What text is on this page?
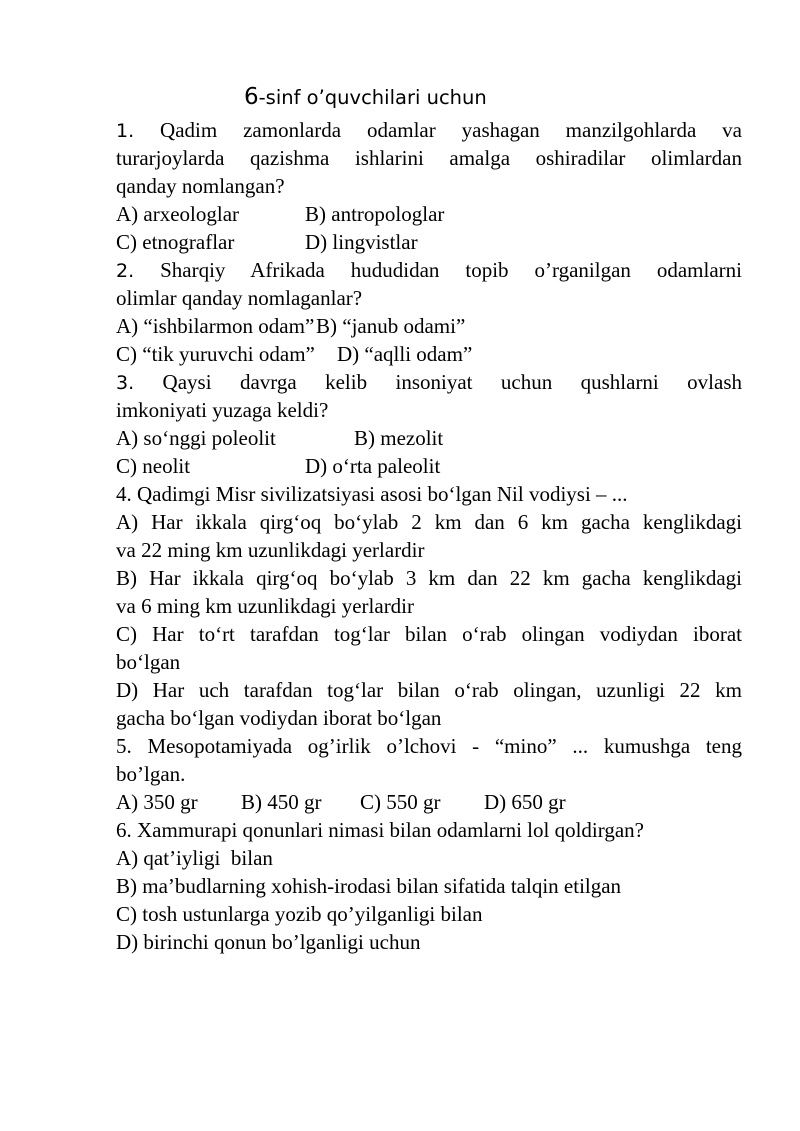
6-sinf o’quvchilari uchun
1. Qadim zamonlarda odamlar yashagan manzilgohlarda va
turarjoylarda qazishma ishlarini amalga oshiradilar olimlardan
qanday nomlangan?
A) arxeologlar	B) antropologlar
C) etnograflar	D) lingvistlar
2. Sharqiy Afrikada hududidan topib o’rganilgan odamlarni
olimlar qanday nomlaganlar?
A) “ishbilarmon odam”B) “janub odami”
C) “tik yuruvchi odam” D) “aqlli odam”
3. Qaysi davrga kelib insoniyat uchun qushlarni ovlash
imkoniyati yuzaga keldi?
A) so‘nggi poleolit	B) mezolit
C) neolit	D) o‘rta paleolit
4. Qadimgi Misr sivilizatsiyasi asosi bo‘lgan Nil vodiysi – ...
A) Har ikkala qirg‘oq bo‘ylab 2 km dan 6 km gacha kenglikdagi
va 22 ming km uzunlikdagi yerlardir
B) Har ikkala qirg‘oq bo‘ylab 3 km dan 22 km gacha kenglikdagi
va 6 ming km uzunlikdagi yerlardir
C) Har to‘rt tarafdan tog‘lar bilan o‘rab olingan vodiydan iborat
bo‘lgan
D) Har uch tarafdan tog‘lar bilan o‘rab olingan, uzunligi 22 km
gacha bo‘lgan vodiydan iborat bo‘lgan
5. Mesopotamiyada og’irlik o’lchovi - “mino” ... kumushga teng
bo’lgan.
A) 350 gr B) 450 gr C) 550 gr D) 650 gr
6. Xammurapi qonunlari nimasi bilan odamlarni lol qoldirgan?
A) qat’iyligi  bilan
B) ma’budlarning xohish-irodasi bilan sifatida talqin etilgan
C) tosh ustunlarga yozib qo’yilganligi bilan
D) birinchi qonun bo’lganligi uchun
